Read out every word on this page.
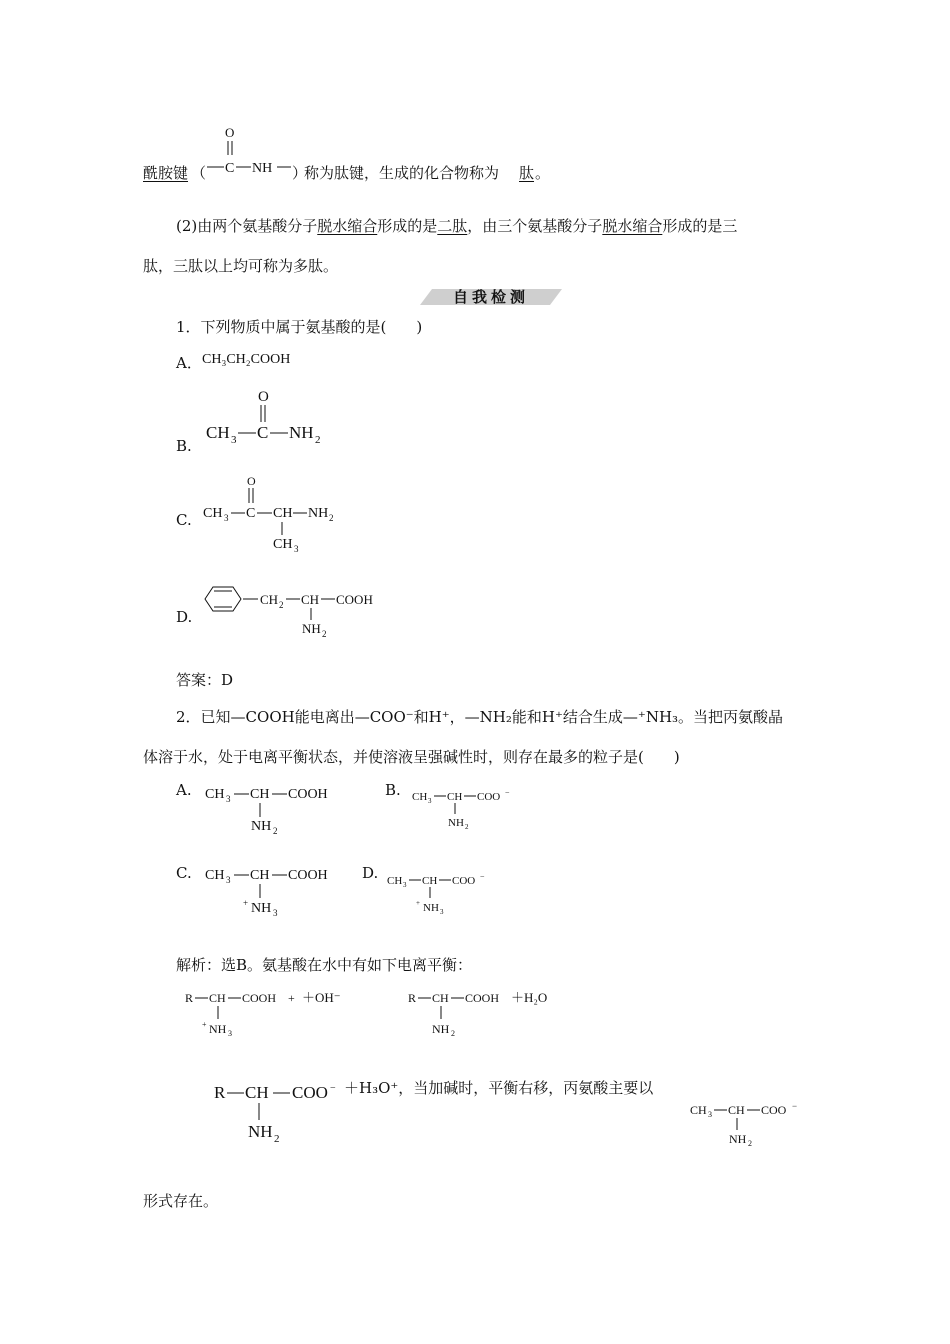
酰胺键 （
O
C NH ）
称为肽键，生成的化合物称为 肽 。
(2)由两个氨基酸分子脱水缩合形成的是二肽，由三个氨基酸分子脱水缩合形成的是三
肽，三肽以上均可称为多肽。
自我检测
1．下列物质中属于氨基酸的是(　　)
A． CH₃CH₂COOH
B.
O
CH 3 C NH 2
C.
O
CH 3 C CH NH 2
CH 3
D.
CH 2 CH COOH
NH 2
答案：D
2．已知—COOH能电离出—COO⁻和H⁺，—NH₂能和H⁺结合生成—⁺NH₃。当把丙氨酸晶
体溶于水，处于电离平衡状态，并使溶液呈强碱性时，则存在最多的粒子是(　　)
A. CH 3 CH COOH
NH 2
B. CH 3 CH COO −
NH 2
C. CH 3 CH COOH
+ NH 3
D. CH 3 CH COO −
+ NH 3
解析：选B。氨基酸在水中有如下电离平衡：
R CH COOH +
+ NH 3
＋OH⁻	R CH COOH
NH 2
＋H₂O
R CH COO −
NH 2
＋H₃O⁺，当加碱时，平衡右移，丙氨酸主要以
CH 3 CH COO −
NH 2
形式存在。
